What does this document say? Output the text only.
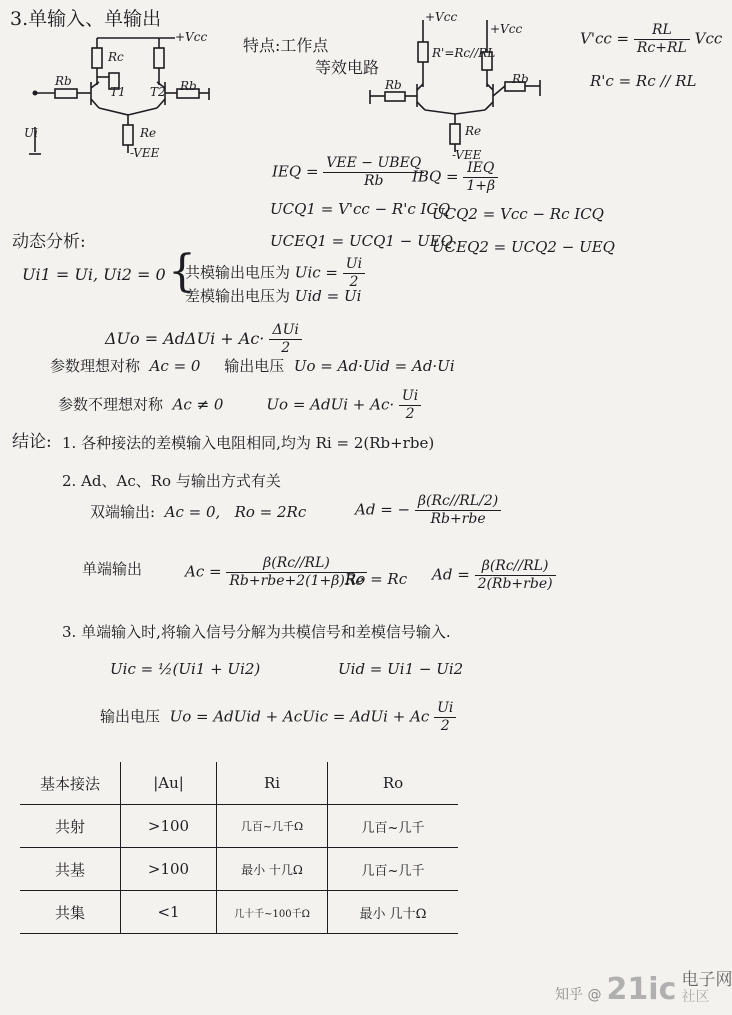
3.单输入、单输出
+Vcc
Rc
T1 T2
Rb	Rb
Re
-VEE
Ui
特点:工作点
等效电路
+Vcc
+Vcc
R'=Rc//RL
Rb	Rb
Re
-VEE
$V'cc = \frac{RL}{Rc+RL}$ Vcc
R'c = Rc // RL
IEQ = $\frac{\text{VEE − UBEQ}}{Rb}$
IBQ = $\frac{\text{IEQ}}{1+\beta}$
UCQ1 = V'cc − R'c ICQ
UCQ2 = Vcc − Rc ICQ
UCEQ1 = UCQ1 − UEQ
UCEQ2 = UCQ2 − UEQ
动态分析:
Ui1 = Ui, Ui2 = 0 {
共模输出电压为 Uic = $\frac{Ui}{2}$
差模输出电压为 Uid = Ui
$\Delta Uo = Ad\Delta Ui + Ac\cdot \frac{\text{ΔUi}}{2}$
参数理想对称 Ac = 0 输出电压 Uo = Ad·Uid = Ad·Ui
参数不理想对称 Ac ≠ 0	Uo = AdUi + $Ac\cdot \frac{Ui}{2}$
结论: 1. 各种接法的差模输入电阻相同,均为 Ri = 2(Rb+rbe)
2. Ad、Ac、Ro 与输出方式有关
双端输出: Ac = 0, Ro = 2Rc	Ad = − $\frac{\beta(Rc//RL/2)}{\text{Rb+rbe}}$
单端输出	$Ac = \frac{\beta(Rc//RL)}{\text{Rb+rbe+2(1+β)Re}}$
Ro = Rc $Ad = \frac{\beta(Rc//RL)}{\text{2(Rb+rbe)}}$
3. 单端输入时,将输入信号分解为共模信号和差模信号输入.
Uic = ½(Ui1 + Ui2)	Uid = Ui1 − Ui2
输出电压 Uo = AdUid + AcUic = AdUi + Ac $\frac{Ui}{2}$
基本接法	|Au|	Ri	Ro
共射	>100	几百~几千Ω	几百~几千
共基	>100	最小 十几Ω	几百~几千
共集	<1	几十千~100千Ω	最小 几十Ω
知乎 @ 21ic 电子网
社区
